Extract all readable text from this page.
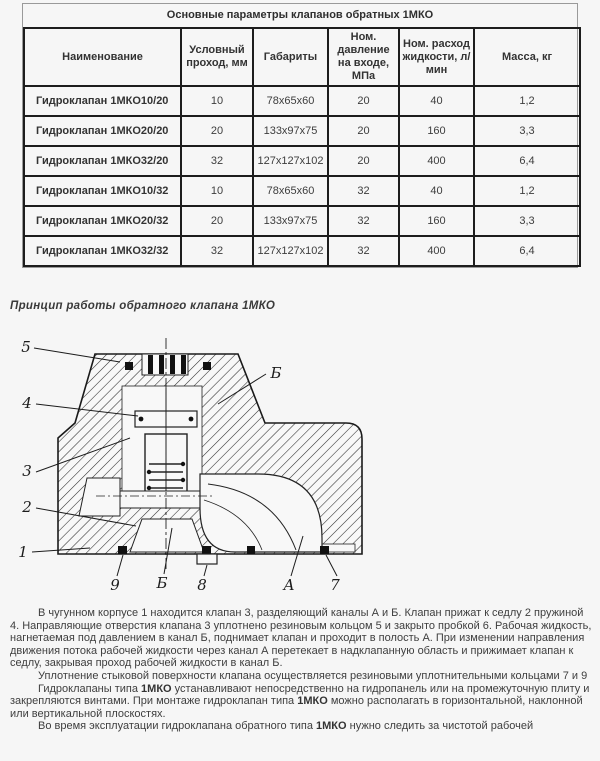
Основные параметры клапанов обратных 1МКО
Наименование	Условный проход, мм	Габариты	Ном. давление на входе, МПа	Ном. расход жидкости, л/ мин	Масса, кг
Гидроклапан 1МКО10/20	10	78х65х60	20	40	1,2
Гидроклапан 1МКО20/20	20	133х97х75	20	160	3,3
Гидроклапан 1МКО32/20	32	127х127х102	20	400	6,4
Гидроклапан 1МКО10/32	10	78х65х60	32	40	1,2
Гидроклапан 1МКО20/32	20	133х97х75	32	160	3,3
Гидроклапан 1МКО32/32	32	127х127х102	32	400	6,4
Принцип работы обратного клапана 1МКО
5
4
3
2
1
Б
9 Б 8	А 7

В чугунном корпусе 1 находится клапан 3, разделяющий каналы А и Б. Клапан прижат к седлу 2 пружиной 4. Направляющие отверстия клапана 3 уплотнено резиновым кольцом 5 и закрыто пробкой 6. Рабочая жидкость, нагнетаемая под давлением в канал Б, поднимает клапан и проходит в полость А. При изменении направления движения потока рабочей жидкости через канал А перетекает в надклапанную область и прижимает клапан к седлу, закрывая проход рабочей жидкости в канал Б.

Уплотнение стыковой поверхности клапана осуществляется резиновыми уплотнительными кольцами 7 и 9

Гидроклапаны типа 1МКО устанавливают непосредственно на гидропанель или на промежуточную плиту и закрепляются винтами. При монтаже гидроклапан типа 1МКО можно располагать в горизонтальной, наклонной или вертикальной плоскостях.

Во время эксплуатации гидроклапана обратного типа 1МКО нужно следить за чистотой рабочей
